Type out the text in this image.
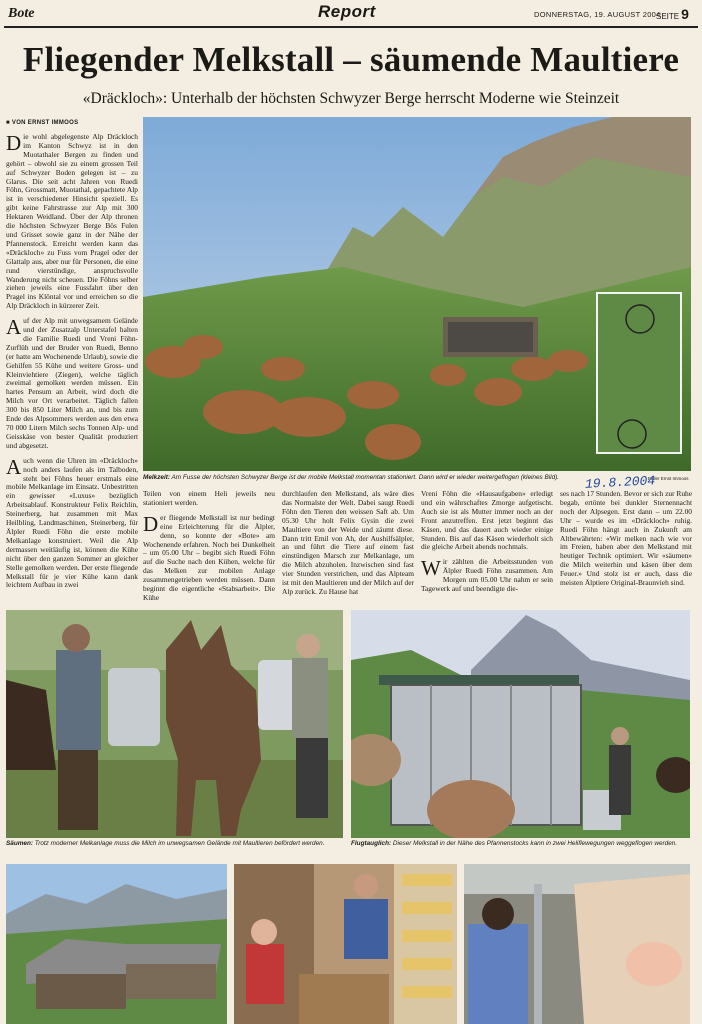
Bote	Report	DONNERSTAG, 19. AUGUST 2004
SEITE 9
Fliegender Melkstall – säumende Maultiere
«Dräckloch»: Unterhalb der höchsten Schwyzer Berge herrscht Moderne wie Steinzeit
■ VON ERNST IMMOOS

Die wohl abgelegenste Alp Dräckloch im Kanton Schwyz ist in den Muotathaler Bergen zu finden und gehört – obwohl sie zu einem grossen Teil auf Schwyzer Boden gelegen ist – zu Glarus. Die seit acht Jahren von Ruedi Föhn, Grossmatt, Muotathal, gepachtete Alp ist in verschiedener Hinsicht speziell. Es gibt keine Fahrstrasse zur Alp mit 300 Hektaren Weidland. Über der Alp thronen die höchsten Schwyzer Berge Bös Fulen und Grisset sowie ganz in der Nähe der Pfannenstock. Erreicht werden kann das «Dräckloch» zu Fuss vom Pragel oder der Glattalp aus, aber nur für Personen, die eine rund vierstündige, anspruchsvolle Wanderung nicht scheuen. Die Föhns selber ziehen jeweils eine Fussfahrt über den Pragel ins Klöntal vor und erreichen so die Alp Dräckloch in kürzerer Zeit.

Auf der Alp mit unwegsamem Gelände und der Zusatzalp Unterstafel halten die Familie Ruedi und Vreni Föhn-Zurflüh und der Bruder von Ruedi, Benno (er hatte am Wochenende Urlaub), sowie die Gehilfen 55 Kühe und weitere Gross- und Kleinviehtiere (Ziegen), welche täglich zweimal gemolken werden müssen. Ein hartes Pensum an Arbeit, wird doch die Milch vor Ort verarbeitet. Täglich fallen 300 bis 850 Liter Milch an, und bis zum Ende des Alpsommers werden aus den etwa 70 000 Litern Milch sechs Tonnen Alp- und Geisskäse von bester Qualität produziert und abgesetzt.

Auch wenn die Uhren im «Dräckloch» noch anders laufen als im Talboden, steht bei Föhns heuer erstmals eine mobile Melkanlage im Einsatz. Unbestritten ein gewisser «Luxus» bezüglich Arbeitsablauf. Konstrukteur Felix Reichlin, Steinerberg, hat zusammen mit Max Heilbling, Landmaschinen, Steinerberg, für Älpler Ruedi Föhn die erste mobile Melkanlage konstruiert. Weil die Alp dermassen weitläufig ist, können die Kühe nicht über den ganzen Sommer an gleicher Stelle gemolken werden. Der erste fliegende Melkstall für je vier Kühe kann dank leichtem Aufbau in zwei

Melkzeit: Am Fusse der höchsten Schwyzer Berge ist der mobile Melkstall momentan stationiert. Dann wird er wieder weitergeflogen (kleines Bild).	Bilder Ernst Immoos
19.8.2004

Teilen von einem Heli jeweils neu stationiert werden.

Der fliegende Melkstall ist nur bedingt eine Erleichterung für die Älpler, denn, so konnte der «Bote» am Wochenende erfahren. Noch bei Dunkelheit – um 05.00 Uhr – begibt sich Ruedi Föhn auf die Suche nach den Kühen, welche für das Melken zur mobilen Anlage zusammengetrieben werden müssen. Dann beginnt die eigentliche «Stabsarbeit». Die Kühe

durchlaufen den Melkstand, als wäre dies das Normalste der Welt. Dabei saugt Ruedi Föhn den Tieren den weissen Saft ab. Um 05.30 Uhr holt Felix Gysin die zwei Maultiere von der Weide und zäumt diese. Dann tritt Emil von Ah, der Aushilfsälpler, an und führt die Tiere auf einem fast einstündigen Marsch zur Melkanlage, um die Milch abzuholen. Inzwischen sind fast vier Stunden verstrichen, und das Alpteam ist mit den Maultieren und der Milch auf der Alp zurück. Zu Hause hat

Vreni Föhn die «Hausaufgaben» erledigt und ein währschaftes Zmorge aufgetischt. Auch sie ist als Mutter immer noch an der Front anzutreffen. Erst jetzt beginnt das Käsen, und das dauert auch wieder einige Stunden. Bis auf das Käsen wiederholt sich die gleiche Arbeit abends nochmals.

Wir zählten die Arbeitsstunden von Älpler Ruedi Föhn zusammen. Am Morgen um 05.00 Uhr nahm er sein Tagewerk auf und beendigte die-

ses nach 17 Stunden. Bevor er sich zur Ruhe begab, ertönte bei dunkler Sternennacht noch der Alpsegen. Erst dann – um 22.00 Uhr – wurde es im «Dräckloch» ruhig. Ruedi Föhn hängt auch in Zukunft am Altbewährten: «Wir melken nach wie vor im Freien, haben aber den Melkstand mit heutiger Technik optimiert. Wir «säumen» die Milch weiterhin und käsen über dem Feuer.» Und stolz ist er auch, dass die meisten Älptiere Original-Braunvieh sind.

Säumen: Trotz moderner Melkanlage muss die Milch im unwegsamen Gelände mit Maultieren befördert werden.	Flugtauglich: Dieser Melkstall in der Nähe des Pfannenstocks kann in zwei Heliflewegungen weggeflogen werden.
